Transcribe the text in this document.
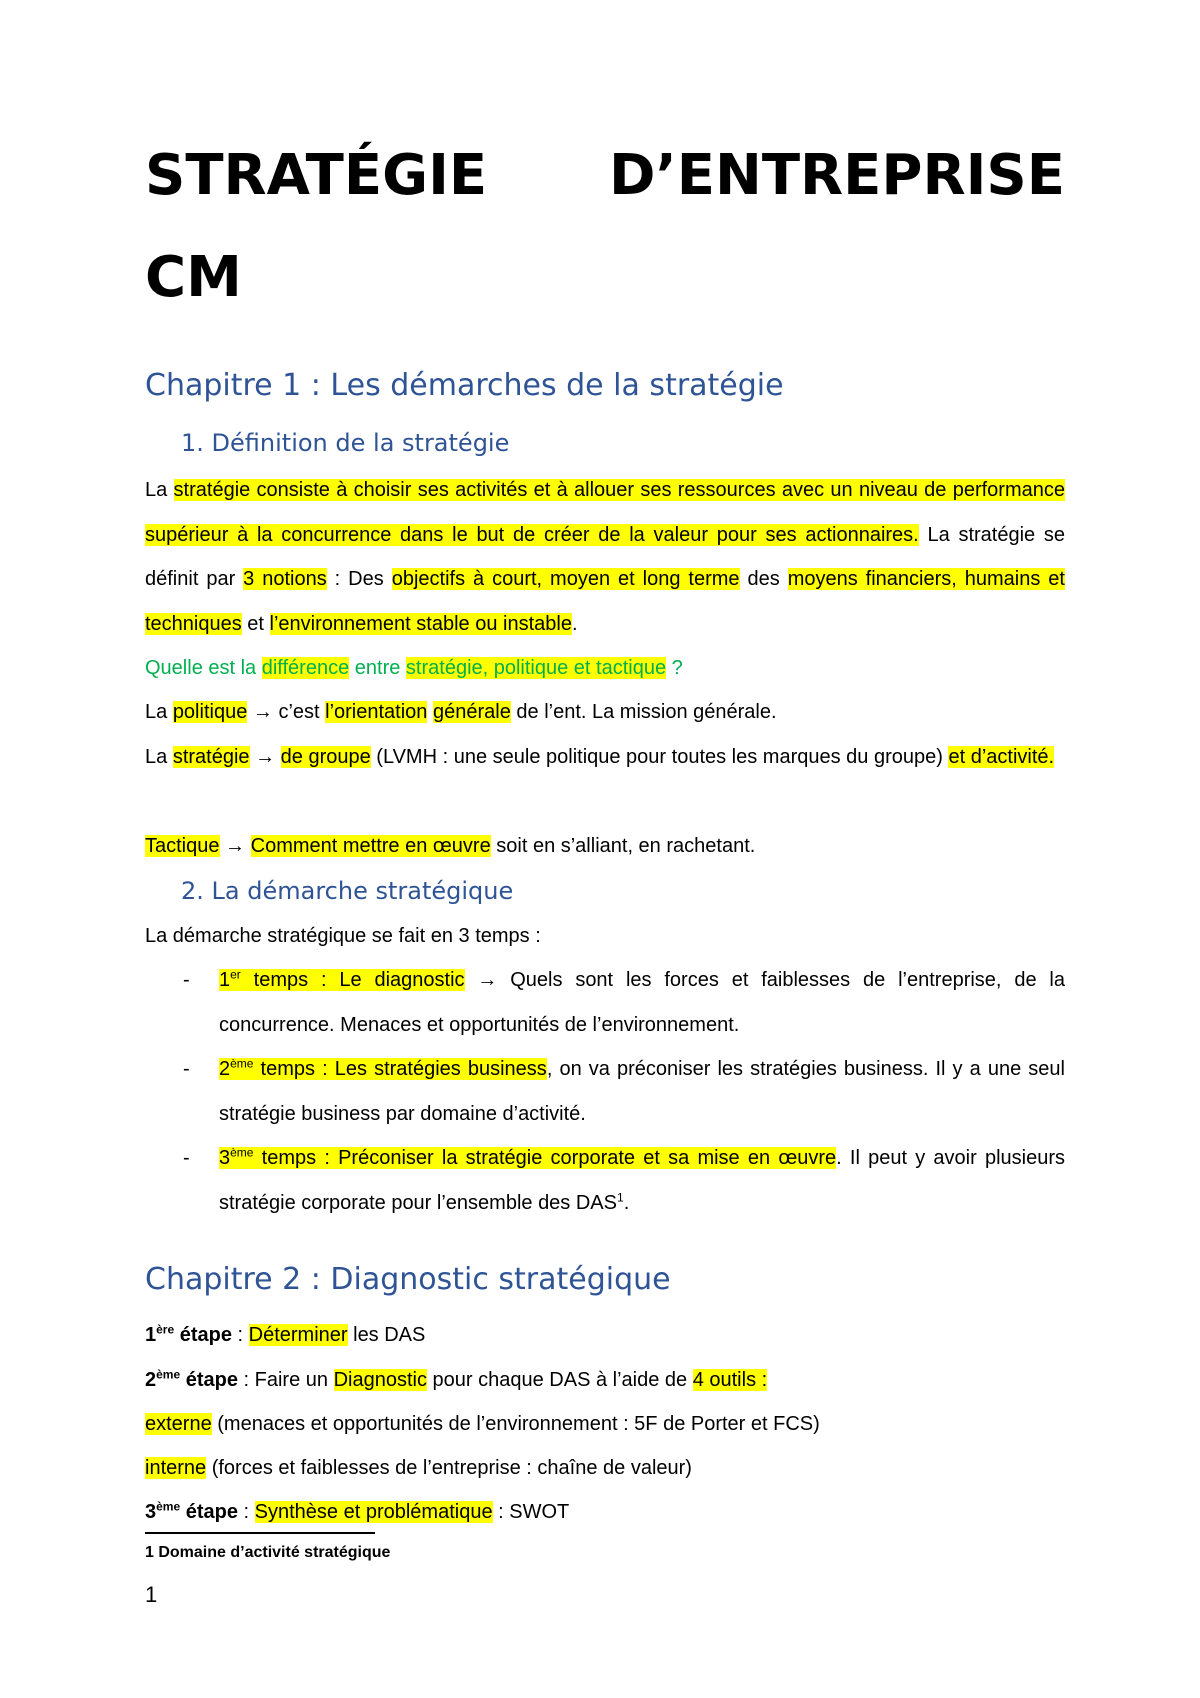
STRATÉGIE D’ENTREPRISE
CM
Chapitre 1 : Les démarches de la stratégie
1. Définition de la stratégie

La stratégie consiste à choisir ses activités et à allouer ses ressources avec un niveau de performance supérieur à la concurrence dans le but de créer de la valeur pour ses actionnaires. La stratégie se définit par 3 notions : Des objectifs à court, moyen et long terme des moyens financiers, humains et techniques et l’environnement stable ou instable.

Quelle est la différence entre stratégie, politique et tactique ?

La politique → c’est l’orientation générale de l’ent. La mission générale.

La stratégie → de groupe (LVMH : une seule politique pour toutes les marques du groupe) et d’activité.

Tactique → Comment mettre en œuvre soit en s’alliant, en rachetant.

2. La démarche stratégique

La démarche stratégique se fait en 3 temps :

-	1er temps : Le diagnostic → Quels sont les forces et faiblesses de l’entreprise, de la concurrence. Menaces et opportunités de l’environnement.

-	2ème temps : Les stratégies business, on va préconiser les stratégies business. Il y a une seul stratégie business par domaine d’activité.

-	3ème temps : Préconiser la stratégie corporate et sa mise en œuvre. Il peut y avoir plusieurs stratégie corporate pour l’ensemble des DAS$^1$.

Chapitre 2 : Diagnostic stratégique

1ère étape : Déterminer les DAS

2ème étape : Faire un Diagnostic pour chaque DAS à l’aide de 4 outils :

externe (menaces et opportunités de l’environnement : 5F de Porter et FCS)

interne (forces et faiblesses de l’entreprise : chaîne de valeur)

3ème étape : Synthèse et problématique : SWOT

1 Domaine d’activité stratégique
1
